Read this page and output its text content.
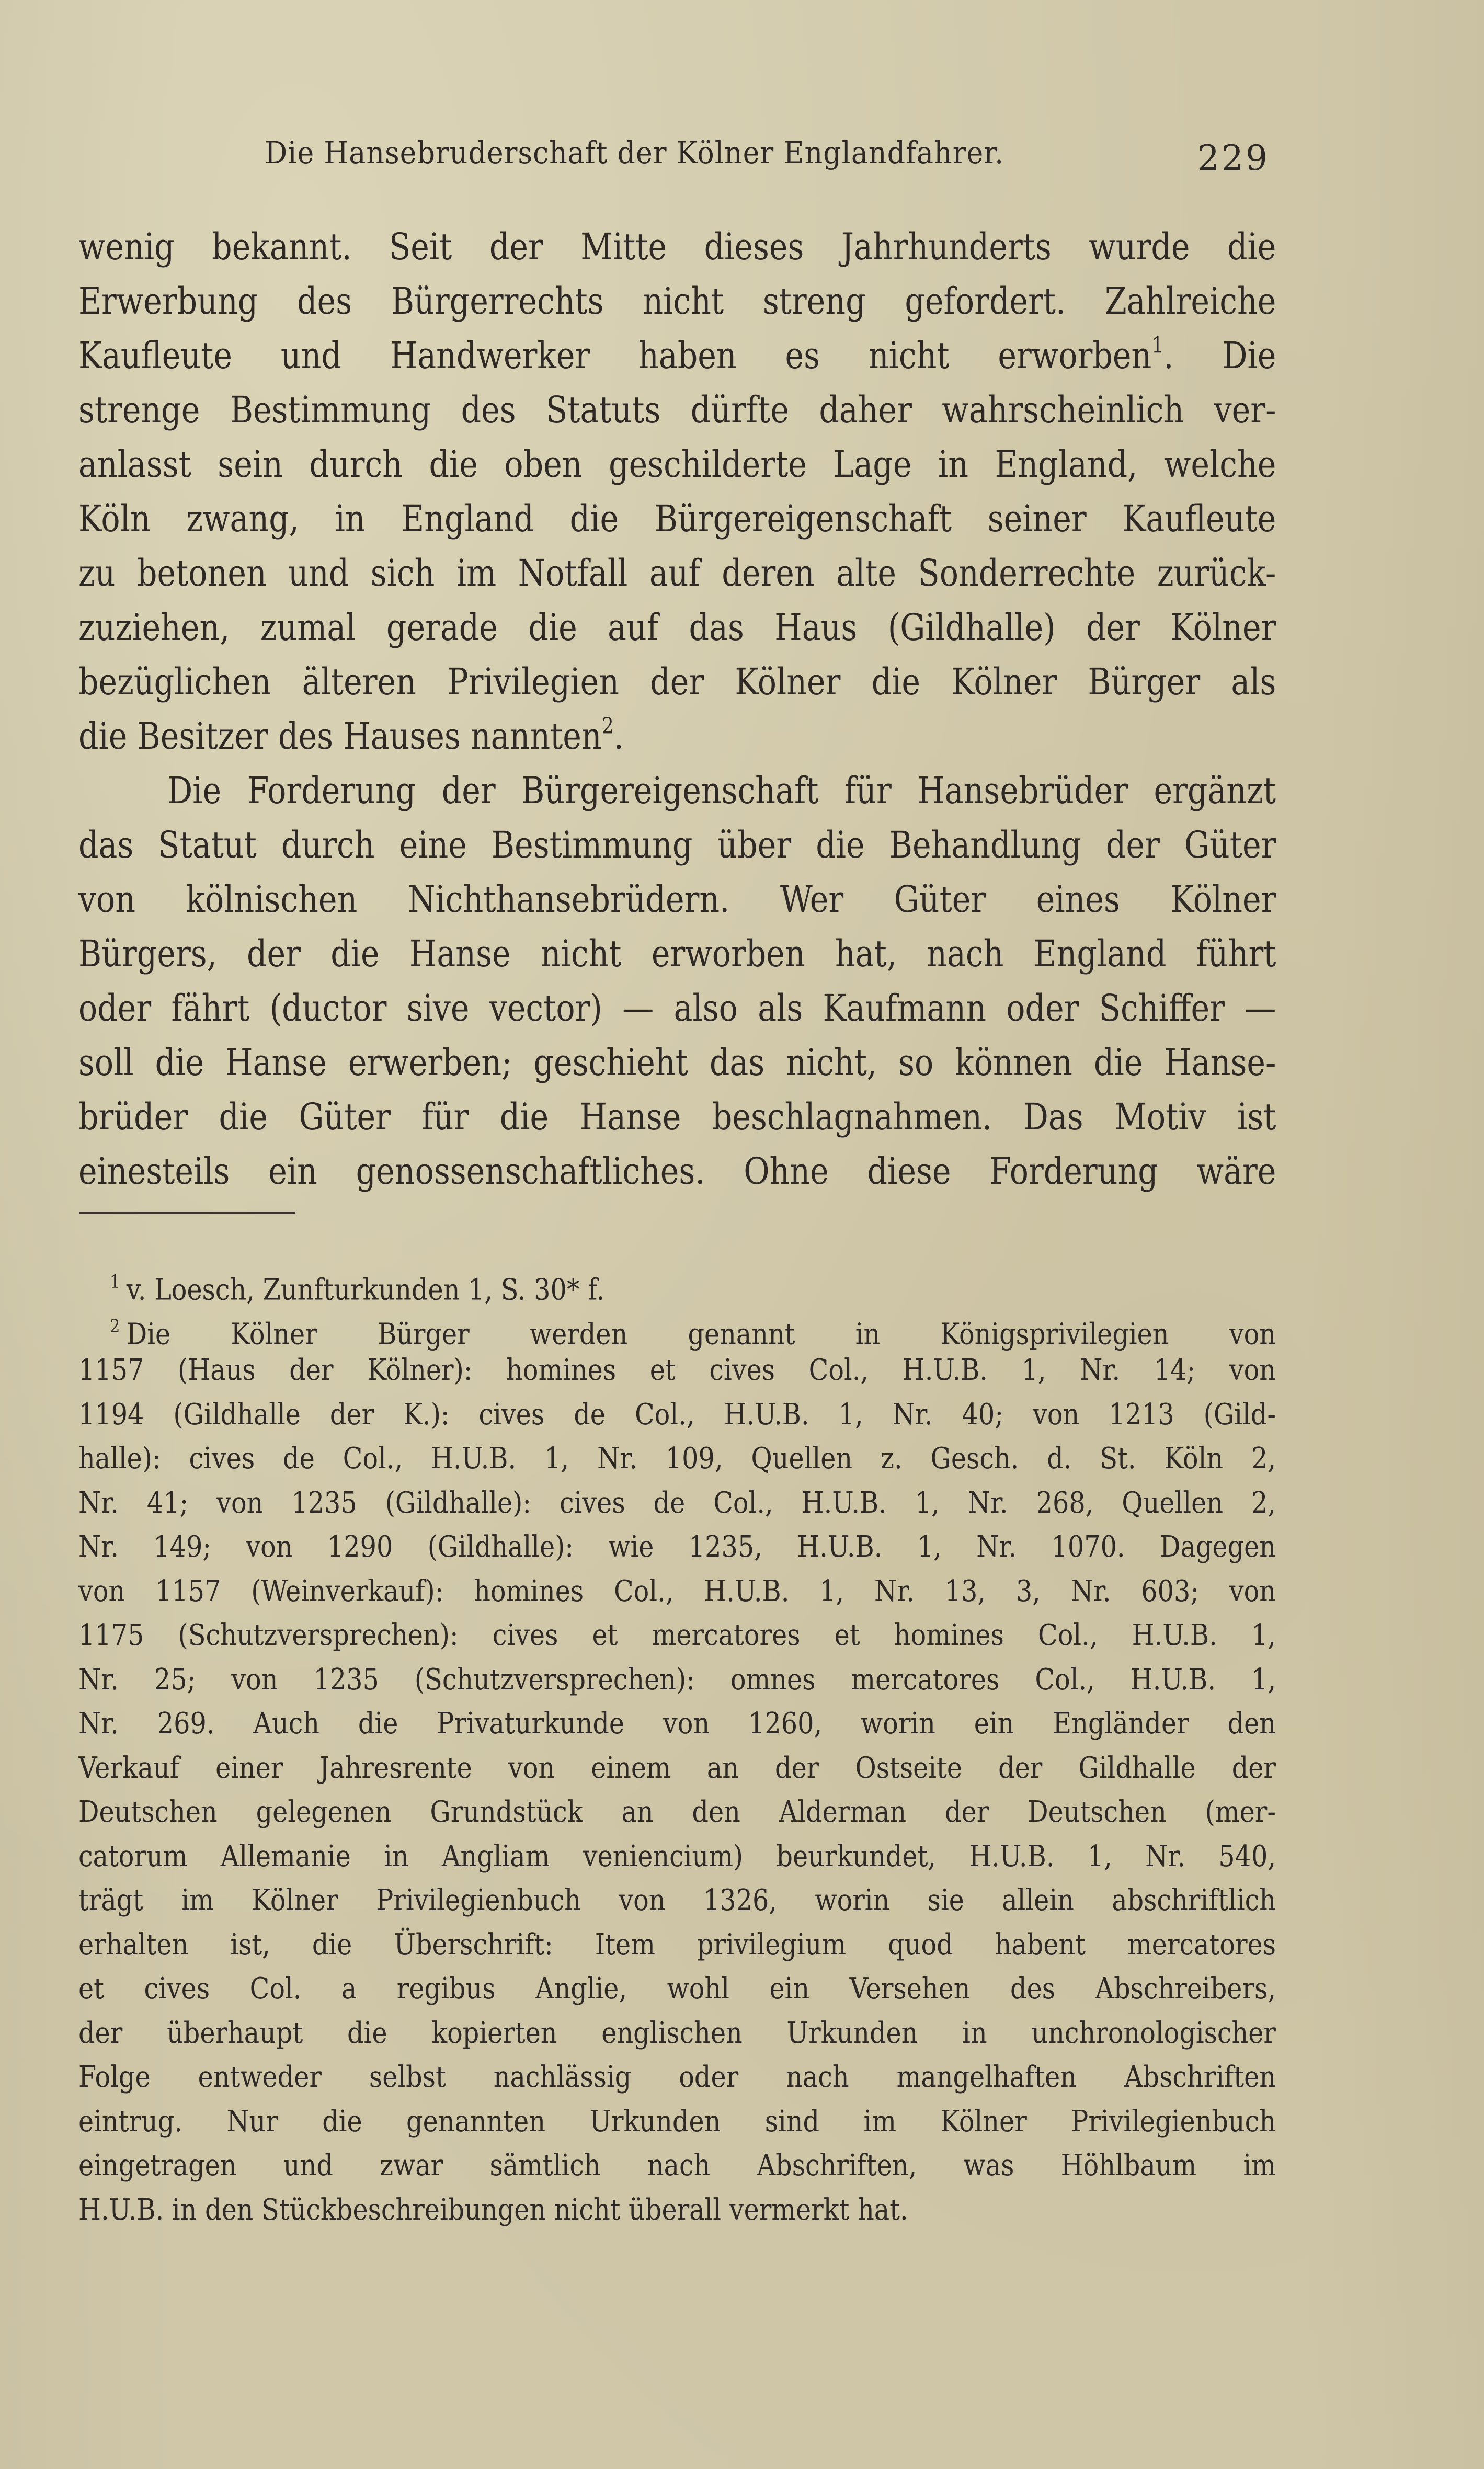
Die Hansebruderschaft der Kölner Englandfahrer.	229
wenig bekannt. Seit der Mitte dieses Jahrhunderts wurde die
Erwerbung des Bürgerrechts nicht streng gefordert. Zahlreiche
Kaufleute und Handwerker haben es nicht erworben$^1$. Die
strenge Bestimmung des Statuts dürfte daher wahrscheinlich ver-
anlasst sein durch die oben geschilderte Lage in England, welche
Köln zwang, in England die Bürgereigenschaft seiner Kaufleute
zu betonen und sich im Notfall auf deren alte Sonderrechte zurück-
zuziehen, zumal gerade die auf das Haus (Gildhalle) der Kölner
bezüglichen älteren Privilegien der Kölner die Kölner Bürger als
die Besitzer des Hauses nannten$^2$.
Die Forderung der Bürgereigenschaft für Hansebrüder ergänzt
das Statut durch eine Bestimmung über die Behandlung der Güter
von kölnischen Nichthansebrüdern. Wer Güter eines Kölner
Bürgers, der die Hanse nicht erworben hat, nach England führt
oder fährt (ductor sive vector) — also als Kaufmann oder Schiffer —
soll die Hanse erwerben; geschieht das nicht, so können die Hanse-
brüder die Güter für die Hanse beschlagnahmen. Das Motiv ist
einesteils ein genossenschaftliches. Ohne diese Forderung wäre
$^1$ v. Loesch, Zunfturkunden 1, S. 30* f.
$^2$ Die Kölner Bürger werden genannt in Königsprivilegien von
1157 (Haus der Kölner): homines et cives Col., H.U.B. 1, Nr. 14; von
1194 (Gildhalle der K.): cives de Col., H.U.B. 1, Nr. 40; von 1213 (Gild-
halle): cives de Col., H.U.B. 1, Nr. 109, Quellen z. Gesch. d. St. Köln 2,
Nr. 41; von 1235 (Gildhalle): cives de Col., H.U.B. 1, Nr. 268, Quellen 2,
Nr. 149; von 1290 (Gildhalle): wie 1235, H.U.B. 1, Nr. 1070. Dagegen
von 1157 (Weinverkauf): homines Col., H.U.B. 1, Nr. 13, 3, Nr. 603; von
1175 (Schutzversprechen): cives et mercatores et homines Col., H.U.B. 1,
Nr. 25; von 1235 (Schutzversprechen): omnes mercatores Col., H.U.B. 1,
Nr. 269. Auch die Privaturkunde von 1260, worin ein Engländer den
Verkauf einer Jahresrente von einem an der Ostseite der Gildhalle der
Deutschen gelegenen Grundstück an den Alderman der Deutschen (mer-
catorum Allemanie in Angliam veniencium) beurkundet, H.U.B. 1, Nr. 540,
trägt im Kölner Privilegienbuch von 1326, worin sie allein abschriftlich
erhalten ist, die Überschrift: Item privilegium quod habent mercatores
et cives Col. a regibus Anglie, wohl ein Versehen des Abschreibers,
der überhaupt die kopierten englischen Urkunden in unchronologischer
Folge entweder selbst nachlässig oder nach mangelhaften Abschriften
eintrug. Nur die genannten Urkunden sind im Kölner Privilegienbuch
eingetragen und zwar sämtlich nach Abschriften, was Höhlbaum im
H.U.B. in den Stückbeschreibungen nicht überall vermerkt hat.
